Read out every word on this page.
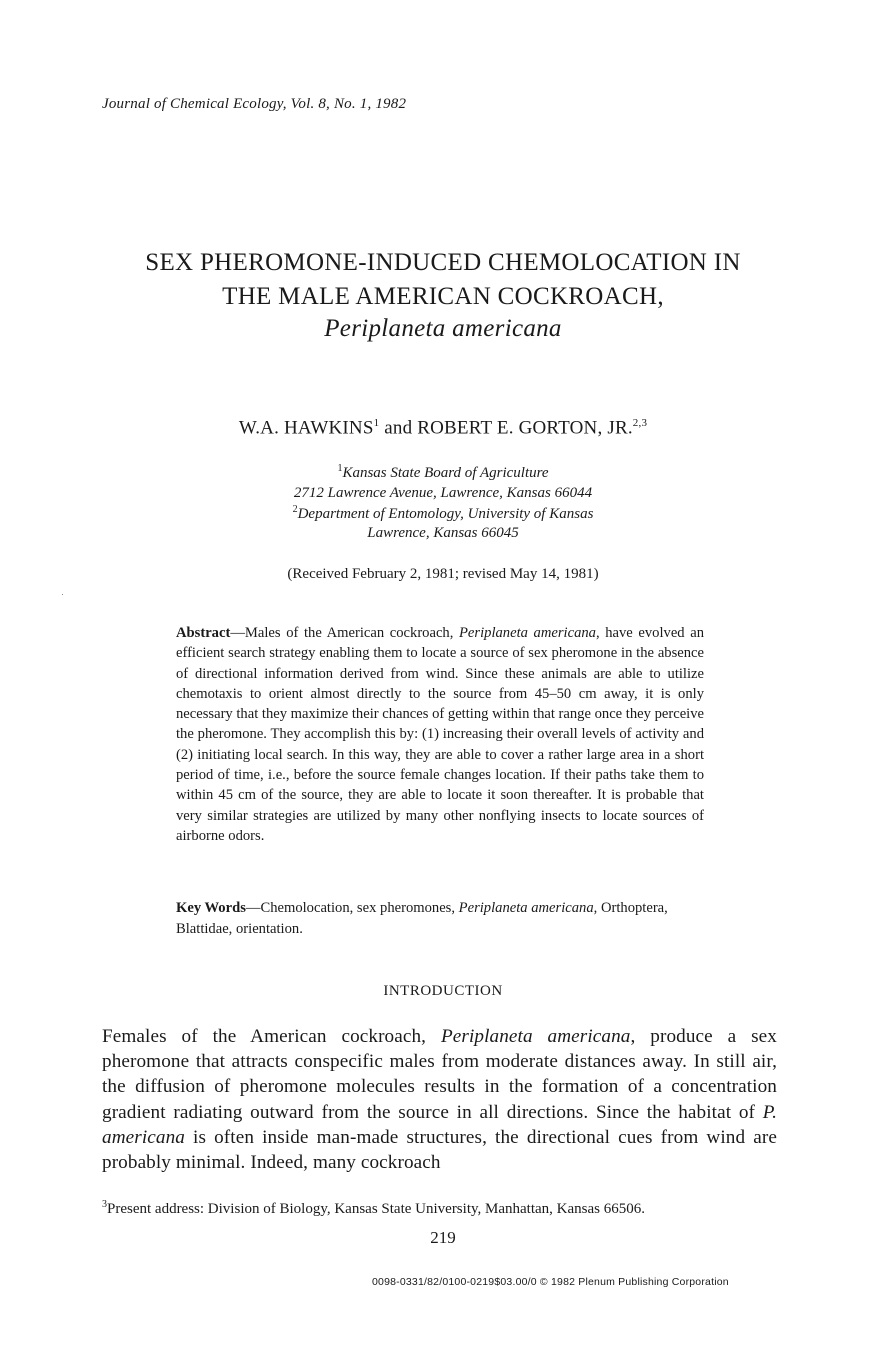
Journal of Chemical Ecology, Vol. 8, No. 1, 1982
SEX PHEROMONE-INDUCED CHEMOLOCATION IN
THE MALE AMERICAN COCKROACH,
Periplaneta americana
W.A. HAWKINS$^1$ and ROBERT E. GORTON, JR.$^{2,3}$
$^1$Kansas State Board of Agriculture
2712 Lawrence Avenue, Lawrence, Kansas 66044
$^2$Department of Entomology, University of Kansas
Lawrence, Kansas 66045
(Received February 2, 1981; revised May 14, 1981)
Abstract—Males of the American cockroach, Periplaneta americana, have evolved an efficient search strategy enabling them to locate a source of sex pheromone in the absence of directional information derived from wind. Since these animals are able to utilize chemotaxis to orient almost directly to the source from 45–50 cm away, it is only necessary that they maximize their chances of getting within that range once they perceive the pheromone. They accomplish this by: (1) increasing their overall levels of activity and (2) initiating local search. In this way, they are able to cover a rather large area in a short period of time, i.e., before the source female changes location. If their paths take them to within 45 cm of the source, they are able to locate it soon thereafter. It is probable that very similar strategies are utilized by many other nonflying insects to locate sources of airborne odors.
Key Words—Chemolocation, sex pheromones, Periplaneta americana, Orthoptera, Blattidae, orientation.
INTRODUCTION
Females of the American cockroach, Periplaneta americana, produce a sex pheromone that attracts conspecific males from moderate distances away. In still air, the diffusion of pheromone molecules results in the formation of a concentration gradient radiating outward from the source in all directions. Since the habitat of P. americana is often inside man-made structures, the directional cues from wind are probably minimal. Indeed, many cockroach
$^3$Present address: Division of Biology, Kansas State University, Manhattan, Kansas 66506.
219
0098-0331/82/0100-0219$03.00/0 © 1982 Plenum Publishing Corporation
